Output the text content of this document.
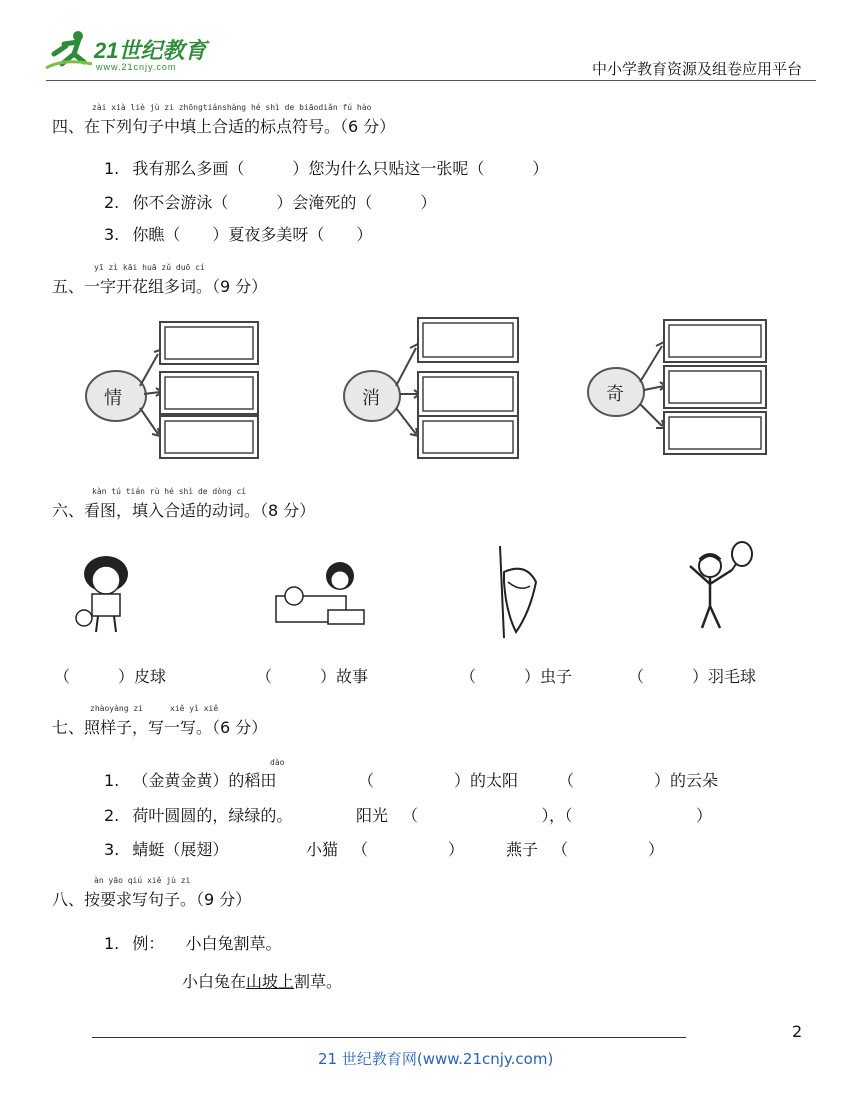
21世纪教育
www.21cnjy.com	中小学教育资源及组卷应用平台
zài xià liè jù zi zhōngtiánshàng hé shì de biāodiǎn fú hào
四、在下列句子中填上合适的标点符号。（6 分）
1. 我有那么多画（　　　）您为什么只贴这一张呢（　　　）
2. 你不会游泳（　　　）会淹死的（　　　）
3. 你瞧（　　）夏夜多美呀（　　）
yī zì kāi huā zǔ duō cí
五、一字开花组多词。（9 分）
情	消	奇
kàn tú tián rù hé shì de dòng cí
六、看图，填入合适的动词。（8 分）
（　　　）皮球	（　　　）故事	（　　　）虫子	（　　　）羽毛球
zhàoyàng zi	xiě yì xiě
七、照样子，写一写。（6 分）
dào
1. （金黄金黄）的稻田	（　　　　　）的太阳 （　　　　　）的云朵
2. 荷叶圆圆的，绿绿的。	阳光 （　　　　　　　　），（　　　　　　　　）
3. 蜻蜓（展翅）	小猫 （　　　　　）	燕子 （　　　　　）
àn yāo qiú xiě jù zi
八、按要求写句子。（9 分）
1. 例： 小白兔割草。
小白兔在山坡上割草。
2
21 世纪教育网(www.21cnjy.com)
